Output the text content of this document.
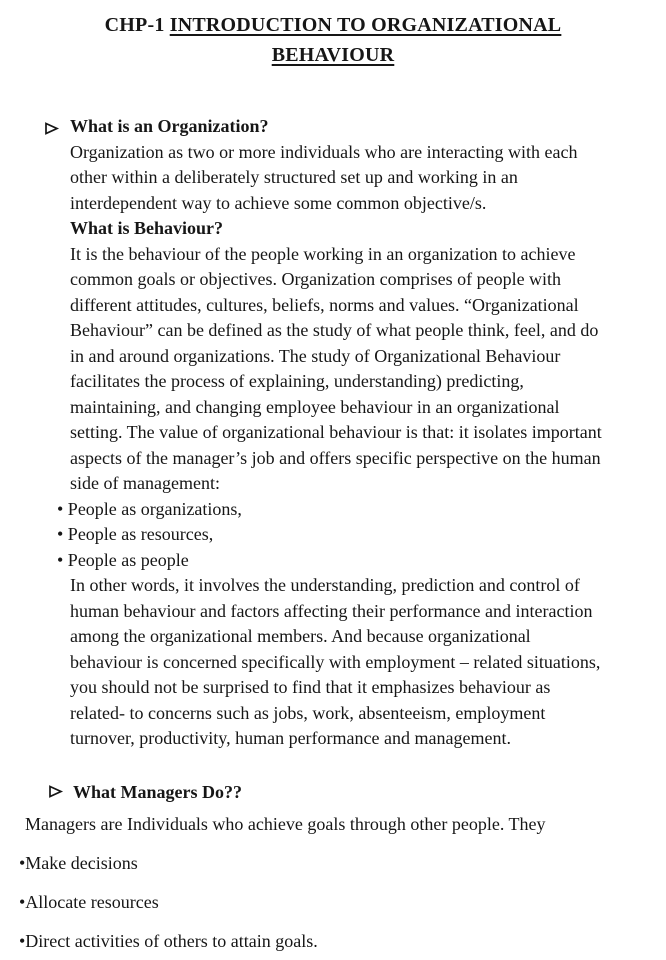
CHP-1 INTRODUCTION TO ORGANIZATIONAL
BEHAVIOUR
What is an Organization?
Organization as two or more individuals who are interacting with each
other within a deliberately structured set up and working in an
interdependent way to achieve some common objective/s.
What is Behaviour?
It is the behaviour of the people working in an organization to achieve
common goals or objectives. Organization comprises of people with
different attitudes, cultures, beliefs, norms and values. “Organizational
Behaviour” can be defined as the study of what people think, feel, and do
in and around organizations. The study of Organizational Behaviour
facilitates the process of explaining, understanding) predicting,
maintaining, and changing employee behaviour in an organizational
setting. The value of organizational behaviour is that: it isolates important
aspects of the manager’s job and offers specific perspective on the human
side of management:
• People as organizations,
• People as resources,
• People as people
In other words, it involves the understanding, prediction and control of
human behaviour and factors affecting their performance and interaction
among the organizational members. And because organizational
behaviour is concerned specifically with employment – related situations,
you should not be surprised to find that it emphasizes behaviour as
related- to concerns such as jobs, work, absenteeism, employment
turnover, productivity, human performance and management.
What Managers Do??
Managers are Individuals who achieve goals through other people. They
•Make decisions
•Allocate resources
•Direct activities of others to attain goals.
